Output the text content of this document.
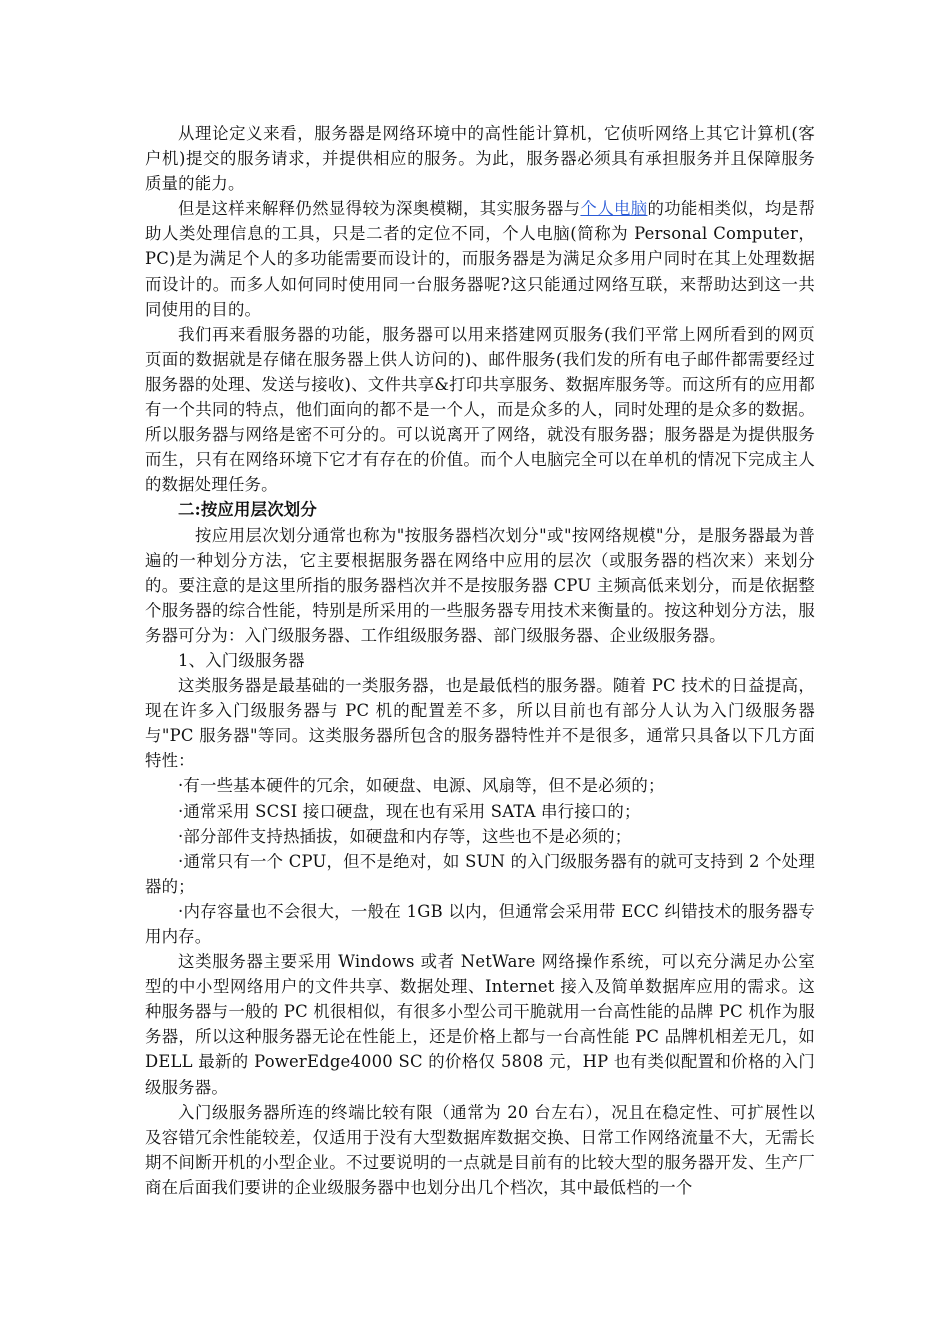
从理论定义来看，服务器是网络环境中的高性能计算机，它侦听网络上其它计算机(客户机)提交的服务请求，并提供相应的服务。为此，服务器必须具有承担服务并且保障服务质量的能力。

但是这样来解释仍然显得较为深奥模糊，其实服务器与个人电脑的功能相类似，均是帮助人类处理信息的工具，只是二者的定位不同，个人电脑(简称为 Personal Computer，PC)是为满足个人的多功能需要而设计的，而服务器是为满足众多用户同时在其上处理数据而设计的。而多人如何同时使用同一台服务器呢?这只能通过网络互联，来帮助达到这一共同使用的目的。

我们再来看服务器的功能，服务器可以用来搭建网页服务(我们平常上网所看到的网页页面的数据就是存储在服务器上供人访问的)、邮件服务(我们发的所有电子邮件都需要经过服务器的处理、发送与接收)、文件共享&打印共享服务、数据库服务等。而这所有的应用都有一个共同的特点，他们面向的都不是一个人，而是众多的人，同时处理的是众多的数据。所以服务器与网络是密不可分的。可以说离开了网络，就没有服务器；服务器是为提供服务而生，只有在网络环境下它才有存在的价值。而个人电脑完全可以在单机的情况下完成主人的数据处理任务。

二:按应用层次划分

按应用层次划分通常也称为"按服务器档次划分"或"按网络规模"分，是服务器最为普遍的一种划分方法，它主要根据服务器在网络中应用的层次（或服务器的档次来）来划分的。要注意的是这里所指的服务器档次并不是按服务器 CPU 主频高低来划分，而是依据整个服务器的综合性能，特别是所采用的一些服务器专用技术来衡量的。按这种划分方法，服务器可分为：入门级服务器、工作组级服务器、部门级服务器、企业级服务器。

1、入门级服务器

这类服务器是最基础的一类服务器，也是最低档的服务器。随着 PC 技术的日益提高，现在许多入门级服务器与 PC 机的配置差不多，所以目前也有部分人认为入门级服务器与"PC 服务器"等同。这类服务器所包含的服务器特性并不是很多，通常只具备以下几方面特性：

·有一些基本硬件的冗余，如硬盘、电源、风扇等，但不是必须的；

·通常采用 SCSI 接口硬盘，现在也有采用 SATA 串行接口的；

·部分部件支持热插拔，如硬盘和内存等，这些也不是必须的；

·通常只有一个 CPU，但不是绝对，如 SUN 的入门级服务器有的就可支持到 2 个处理器的；

·内存容量也不会很大，一般在 1GB 以内，但通常会采用带 ECC 纠错技术的服务器专用内存。

这类服务器主要采用 Windows 或者 NetWare 网络操作系统，可以充分满足办公室型的中小型网络用户的文件共享、数据处理、Internet 接入及简单数据库应用的需求。这种服务器与一般的 PC 机很相似，有很多小型公司干脆就用一台高性能的品牌 PC 机作为服务器，所以这种服务器无论在性能上，还是价格上都与一台高性能 PC 品牌机相差无几，如 DELL 最新的 PowerEdge4000 SC 的价格仅 5808 元，HP 也有类似配置和价格的入门级服务器。

入门级服务器所连的终端比较有限（通常为 20 台左右），况且在稳定性、可扩展性以及容错冗余性能较差，仅适用于没有大型数据库数据交换、日常工作网络流量不大，无需长期不间断开机的小型企业。不过要说明的一点就是目前有的比较大型的服务器开发、生产厂商在后面我们要讲的企业级服务器中也划分出几个档次，其中最低档的一个
